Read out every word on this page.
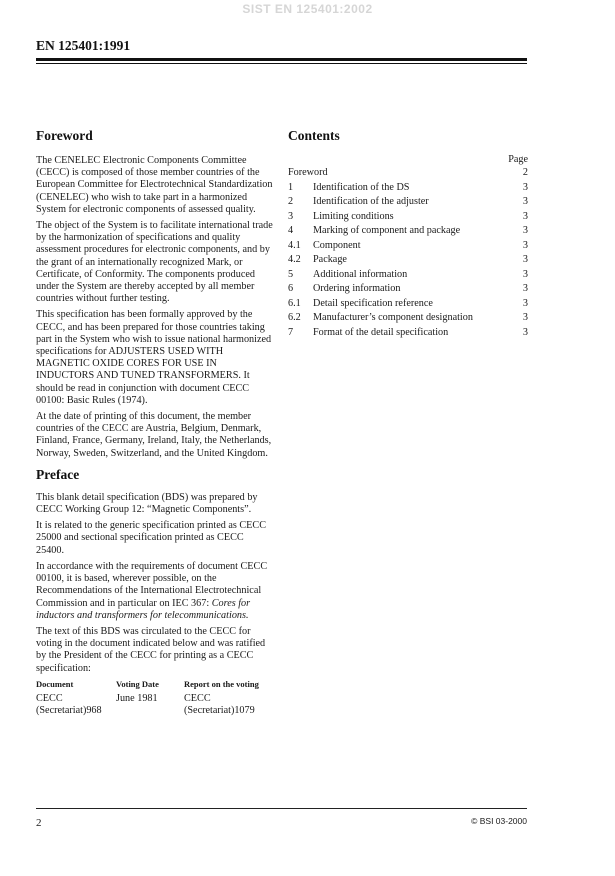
SIST EN 125401:2002
EN 125401:1991
Foreword

The CENELEC Electronic Components Committee (CECC) is composed of those member countries of the European Committee for Electrotechnical Standardization (CENELEC) who wish to take part in a harmonized System for electronic components of assessed quality.

The object of the System is to facilitate international trade by the harmonization of specifications and quality assessment procedures for electronic components, and by the grant of an internationally recognized Mark, or Certificate, of Conformity. The components produced under the System are thereby accepted by all member countries without further testing.

This specification has been formally approved by the CECC, and has been prepared for those countries taking part in the System who wish to issue national harmonized specifications for ADJUSTERS USED WITH MAGNETIC OXIDE CORES FOR USE IN INDUCTORS AND TUNED TRANSFORMERS. It should be read in conjunction with document CECC 00100: Basic Rules (1974).

At the date of printing of this document, the member countries of the CECC are Austria, Belgium, Denmark, Finland, France, Germany, Ireland, Italy, the Netherlands, Norway, Sweden, Switzerland, and the United Kingdom.

Preface

This blank detail specification (BDS) was prepared by CECC Working Group 12: “Magnetic Components”.

It is related to the generic specification printed as CECC 25000 and sectional specification printed as CECC 25400.

In accordance with the requirements of document CECC 00100, it is based, wherever possible, on the Recommendations of the International Electrotechnical Commission and in particular on IEC 367: Cores for inductors and transformers for telecommunications.

The text of this BDS was circulated to the CECC for voting in the document indicated below and was ratified by the President of the CECC for printing as a CECC specification:

Document	Voting Date	Report on the voting
CECC (Secretariat)968	June 1981	CECC (Secretariat)1079
Contents
Page
Foreword	2
1 Identification of the DS	3
2 Identification of the adjuster	3
3 Limiting conditions	3
4 Marking of component and package	3
4.1 Component	3
4.2 Package	3
5 Additional information	3
6 Ordering information	3
6.1 Detail specification reference	3
6.2 Manufacturer’s component designation	3
7 Format of the detail specification	3
2	© BSI 03-2000
